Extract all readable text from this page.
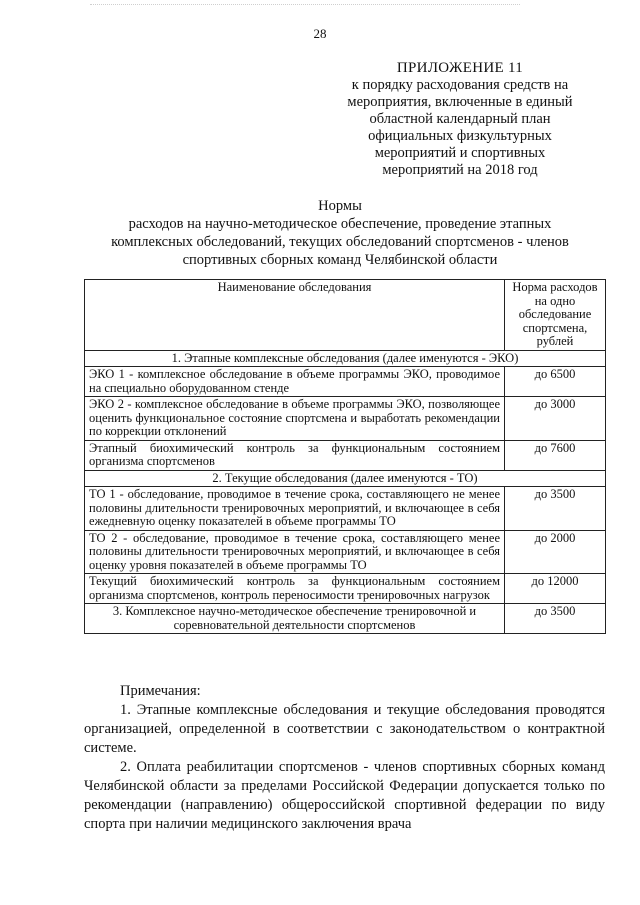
28
ПРИЛОЖЕНИЕ 11
к порядку расходования средств на
мероприятия, включенные в единый
областной календарный план
официальных физкультурных
мероприятий и спортивных
мероприятий на 2018 год
Нормы
расходов на научно-методическое обеспечение, проведение этапных
комплексных обследований, текущих обследований спортсменов - членов
спортивных сборных команд Челябинской области
Наименование обследования	Норма расходов на одно обследование спортсмена, рублей
1. Этапные комплексные обследования (далее именуются - ЭКО)	
ЭКО 1 - комплексное обследование в объеме программы ЭКО, проводимое на специально оборудованном стенде	до 6500
ЭКО 2 - комплексное обследование в объеме программы ЭКО, позволяющее оценить функциональное состояние спортсмена и выработать рекомендации по коррекции отклонений	до 3000
Этапный биохимический контроль за функциональным состоянием организма спортсменов	до 7600
2. Текущие обследования (далее именуются - ТО)	
ТО 1 - обследование, проводимое в течение срока, составляющего не менее половины длительности тренировочных мероприятий, и включающее в себя ежедневную оценку показателей в объеме программы ТО	до 3500
ТО 2 - обследование, проводимое в течение срока, составляющего менее половины длительности тренировочных мероприятий, и включающее в себя оценку уровня показателей в объеме программы ТО	до 2000
Текущий биохимический контроль за функциональным состоянием организма спортсменов, контроль переносимости тренировочных нагрузок	до 12000
3. Комплексное научно-методическое обеспечение тренировочной и соревновательной деятельности спортсменов	до 3500

Примечания:

1. Этапные комплексные обследования и текущие обследования проводятся организацией, определенной в соответствии с законодательством о контрактной системе.

2. Оплата реабилитации спортсменов - членов спортивных сборных команд Челябинской области за пределами Российской Федерации допускается только по рекомендации (направлению) общероссийской спортивной федерации по виду спорта при наличии медицинского заключения врача
